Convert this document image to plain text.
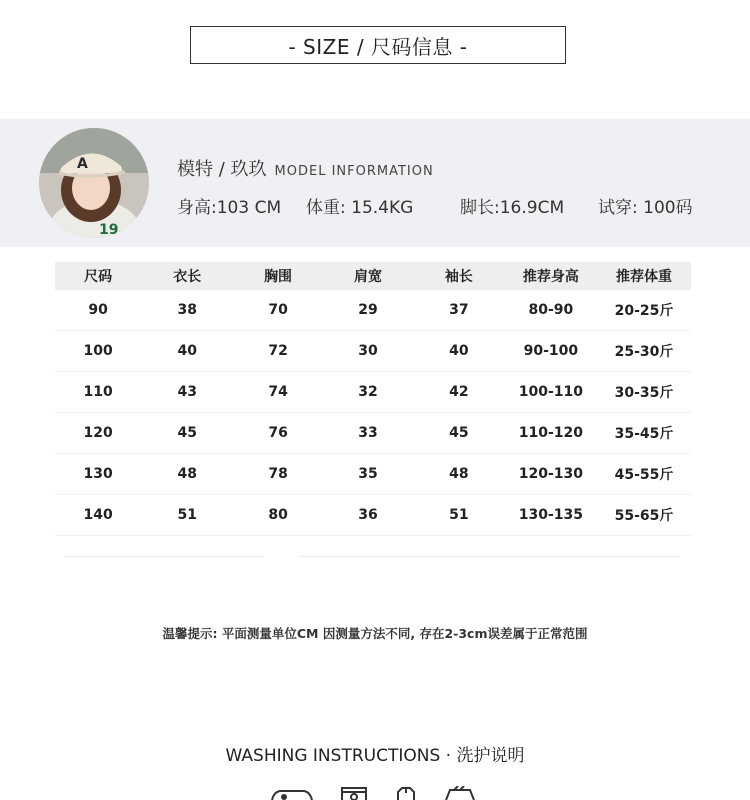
- SIZE / 尺码信息 -
A
19
模特 / 玖玖 MODEL INFORMATION
身高:103 CM 体重: 15.4KG	脚长:16.9CM 试穿: 100码
尺码	衣长	胸围	肩宽	袖长	推荐身高	推荐体重
90	38	70	29	37	80-90	20-25斤
100	40	72	30	40	90-100	25-30斤
110	43	74	32	42	100-110	30-35斤
120	45	76	33	45	110-120	35-45斤
130	48	78	35	48	120-130	45-55斤
140	51	80	36	51	130-135	55-65斤
温馨提示: 平面测量单位CM 因测量方法不同, 存在2-3cm误差属于正常范围
WASHING INSTRUCTIONS · 洗护说明
